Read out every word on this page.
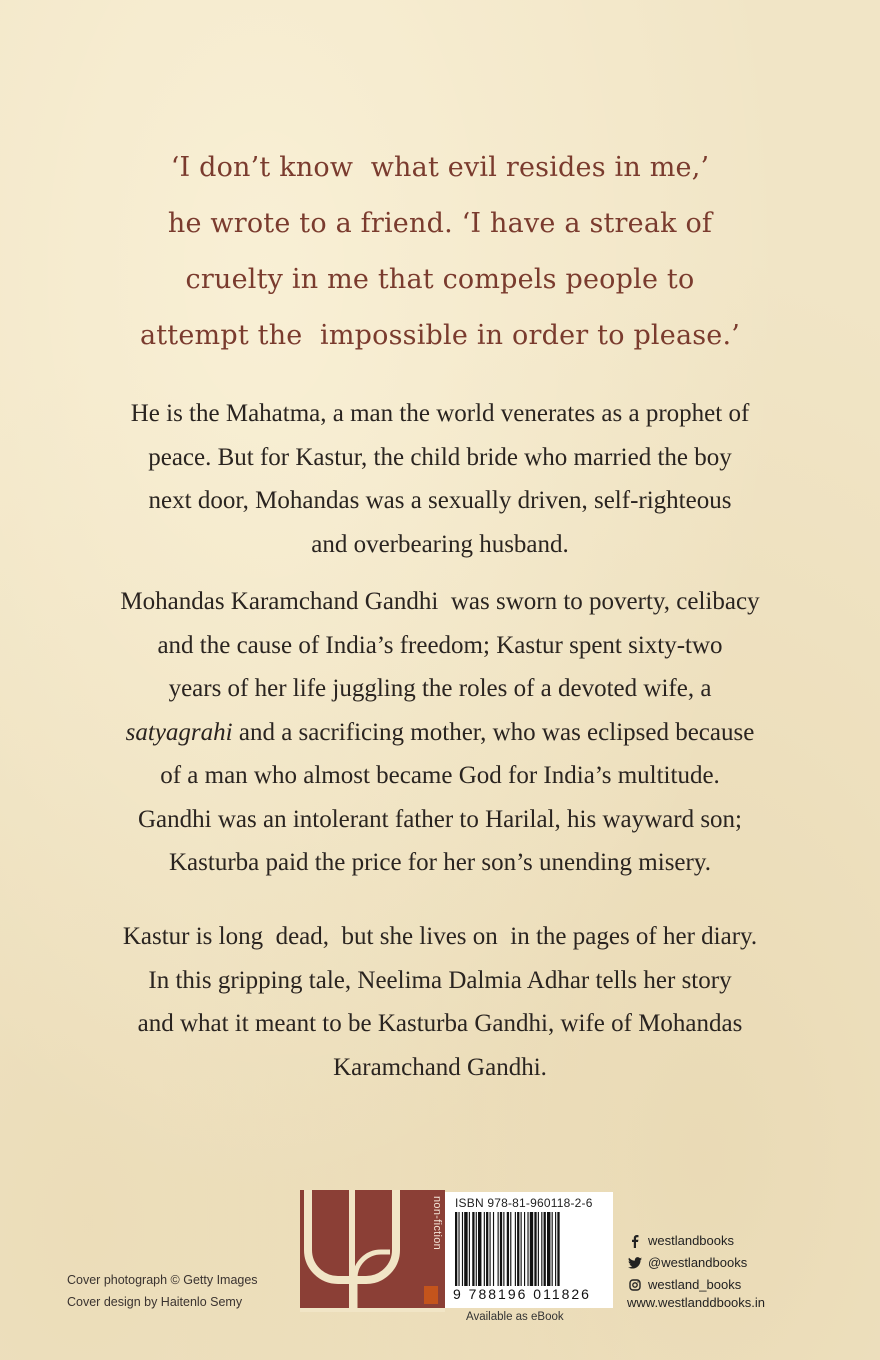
‘I don’t know  what evil resides in me,’
he wrote to a friend. ‘I have a streak of
cruelty in me that compels people to
attempt the  impossible in order to please.’
He is the Mahatma, a man the world venerates as a prophet of
peace. But for Kastur, the child bride who married the boy
next door, Mohandas was a sexually driven, self-righteous
and overbearing husband.
Mohandas Karamchand Gandhi  was sworn to poverty, celibacy
and the cause of India’s freedom; Kastur spent sixty-two
years of her life juggling the roles of a devoted wife, a
satyagrahi and a sacrificing mother, who was eclipsed because
of a man who almost became God for India’s multitude.
Gandhi was an intolerant father to Harilal, his wayward son;
Kasturba paid the price for her son’s unending misery.
Kastur is long  dead,  but she lives on  in the pages of her diary.
In this gripping tale, Neelima Dalmia Adhar tells her story
and what it meant to be Kasturba Gandhi, wife of Mohandas
Karamchand Gandhi.
Cover photograph © Getty Images
Cover design by Haitenlo Semy
non-fiction ISBN 978-81-960118-2-6
9 788196 011826
Available as eBook
westlandbooks
@westlandbooks
westland_books
www.westlanddbooks.in
